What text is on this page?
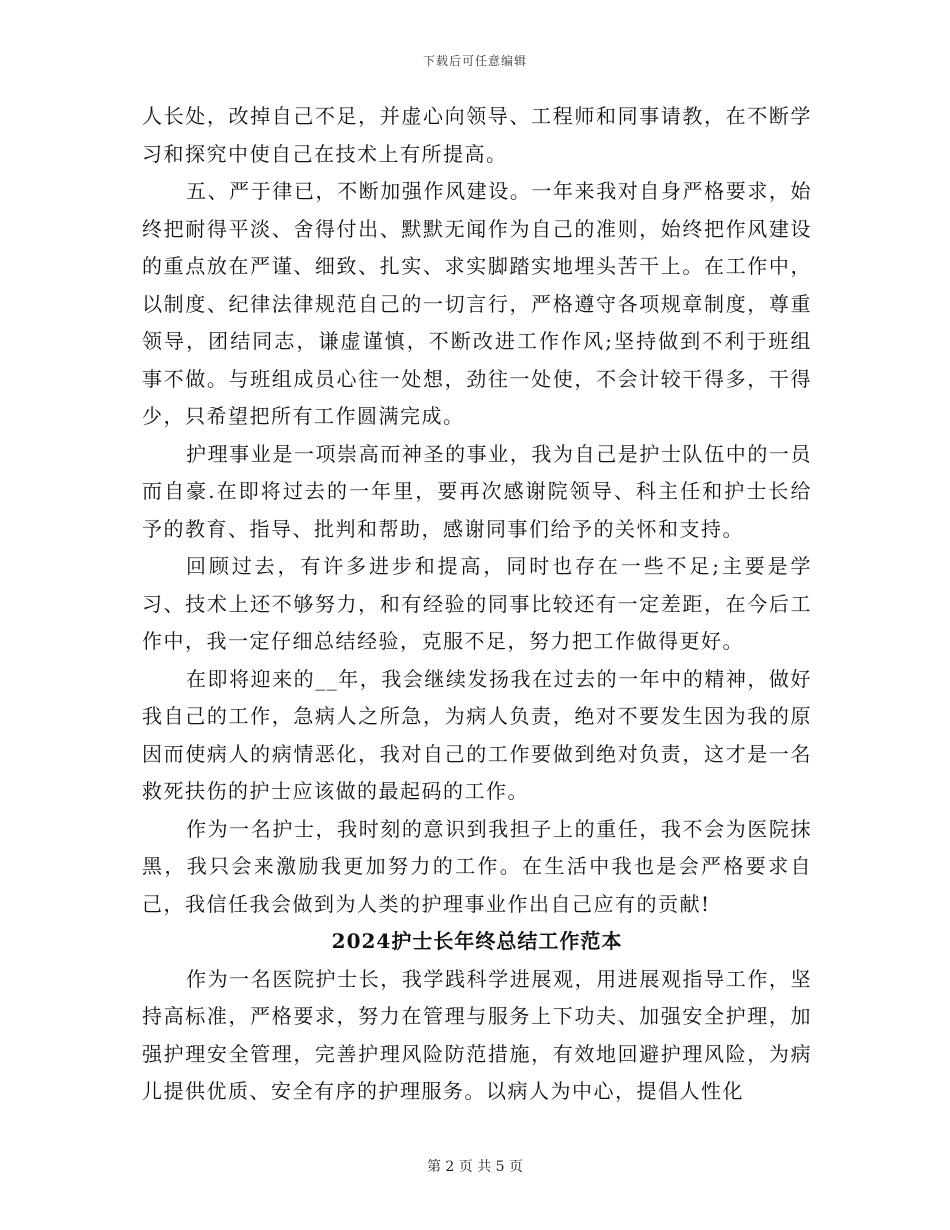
下载后可任意编辑

人长处，改掉自己不足，并虚心向领导、工程师和同事请教，在不断学习和探究中使自己在技术上有所提高。

五、严于律已，不断加强作风建设。一年来我对自身严格要求，始终把耐得平淡、舍得付出、默默无闻作为自己的准则，始终把作风建设的重点放在严谨、细致、扎实、求实脚踏实地埋头苦干上。在工作中，以制度、纪律法律规范自己的一切言行，严格遵守各项规章制度，尊重领导，团结同志，谦虚谨慎，不断改进工作作风;坚持做到不利于班组事不做。与班组成员心往一处想，劲往一处使，不会计较干得多，干得少，只希望把所有工作圆满完成。

护理事业是一项崇高而神圣的事业，我为自己是护士队伍中的一员而自豪.在即将过去的一年里，要再次感谢院领导、科主任和护士长给予的教育、指导、批判和帮助，感谢同事们给予的关怀和支持。

回顾过去，有许多进步和提高，同时也存在一些不足;主要是学习、技术上还不够努力，和有经验的同事比较还有一定差距，在今后工作中，我一定仔细总结经验，克服不足，努力把工作做得更好。

在即将迎来的__年，我会继续发扬我在过去的一年中的精神，做好我自己的工作，急病人之所急，为病人负责，绝对不要发生因为我的原因而使病人的病情恶化，我对自己的工作要做到绝对负责，这才是一名救死扶伤的护士应该做的最起码的工作。

作为一名护士，我时刻的意识到我担子上的重任，我不会为医院抹黑，我只会来激励我更加努力的工作。在生活中我也是会严格要求自己，我信任我会做到为人类的护理事业作出自己应有的贡献!

2024护士长年终总结工作范本

作为一名医院护士长，我学践科学进展观，用进展观指导工作，坚持高标准，严格要求，努力在管理与服务上下功夫、加强安全护理，加强护理安全管理，完善护理风险防范措施，有效地回避护理风险，为病儿提供优质、安全有序的护理服务。以病人为中心，提倡人性化

第 2 页 共 5 页
